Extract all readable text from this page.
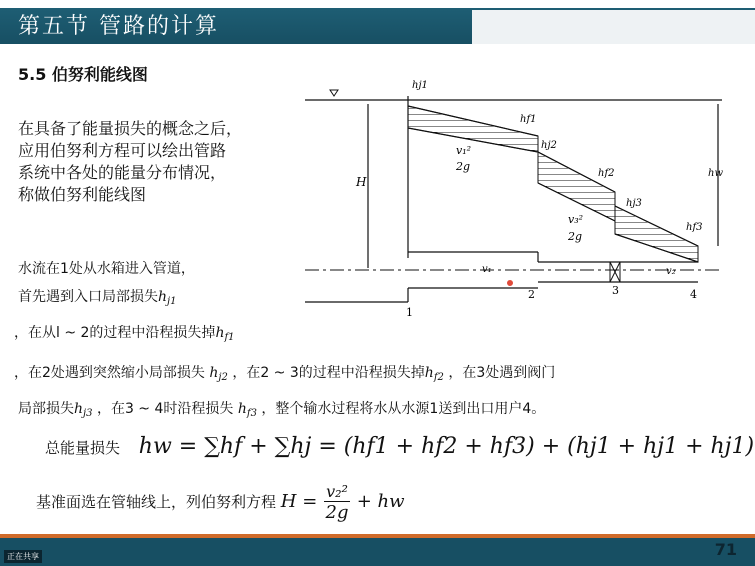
第五节 管路的计算
5.5 伯努利能线图
在具备了能量损失的概念之后，
应用伯努利方程可以绘出管路
系统中各处的能量分布情况，
称做伯努利能线图
水流在1处从水箱进入管道，
首先遇到入口局部损失$h_{j1}$
，在从l ~ 2的过程中沿程损失掉$h_{f1}$
，在2处遇到突然缩小局部损失 $h_{j2}$ ，在2 ~ 3的过程中沿程损失掉$h_{f2}$ ，在3处遇到阀门
局部损失$h_{j3}$ ，在3 ~ 4时沿程损失 $h_{f3}$ ，整个输水过程将水从水源1送到出口用户4。
总能量损失 hw = ∑hf + ∑hj = (hf1 + hf2 + hf3) + (hj1 + hj1 + hj1)
基准面选在管轴线上，列伯努利方程 $H = \frac{\text{v₂²}}{2g}$ + hw
hj1
hf1
hj2
hf2
hj3
hf3
hw
H
v₁²
2g
v₃²
2g
v₁	v₂
1
2	3	4
正在共享	71
